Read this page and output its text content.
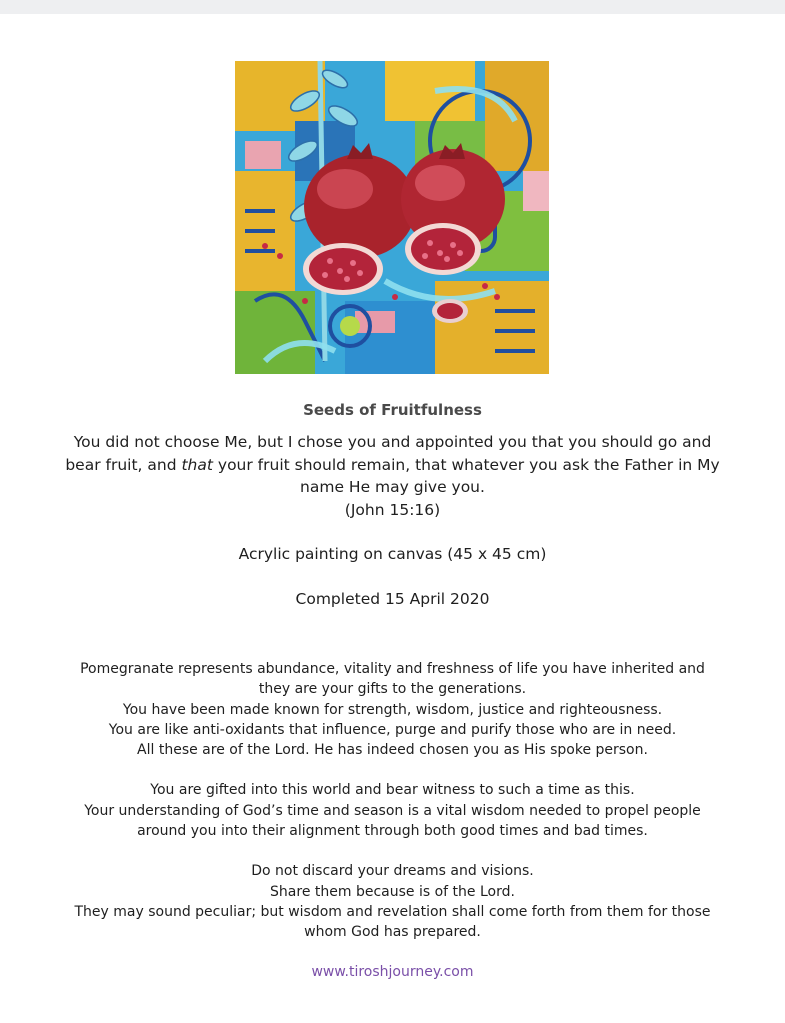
Seeds of Fruitfulness

You did not choose Me, but I chose you and appointed you that you should go and

bear fruit, and that your fruit should remain, that whatever you ask the Father in My

name He may give you.

(John 15:16)

Acrylic painting on canvas (45 x 45 cm)

Completed 15 April 2020

Pomegranate represents abundance, vitality and freshness of life you have inherited and

they are your gifts to the generations.

You have been made known for strength, wisdom, justice and righteousness.

You are like anti-oxidants that influence, purge and purify those who are in need.

All these are of the Lord. He has indeed chosen you as His spoke person.

You are gifted into this world and bear witness to such a time as this.

Your understanding of God’s time and season is a vital wisdom needed to propel people

around you into their alignment through both good times and bad times.

Do not discard your dreams and visions.

Share them because is of the Lord.

They may sound peculiar; but wisdom and revelation shall come forth from them for those

whom God has prepared.

www.tiroshjourney.com
